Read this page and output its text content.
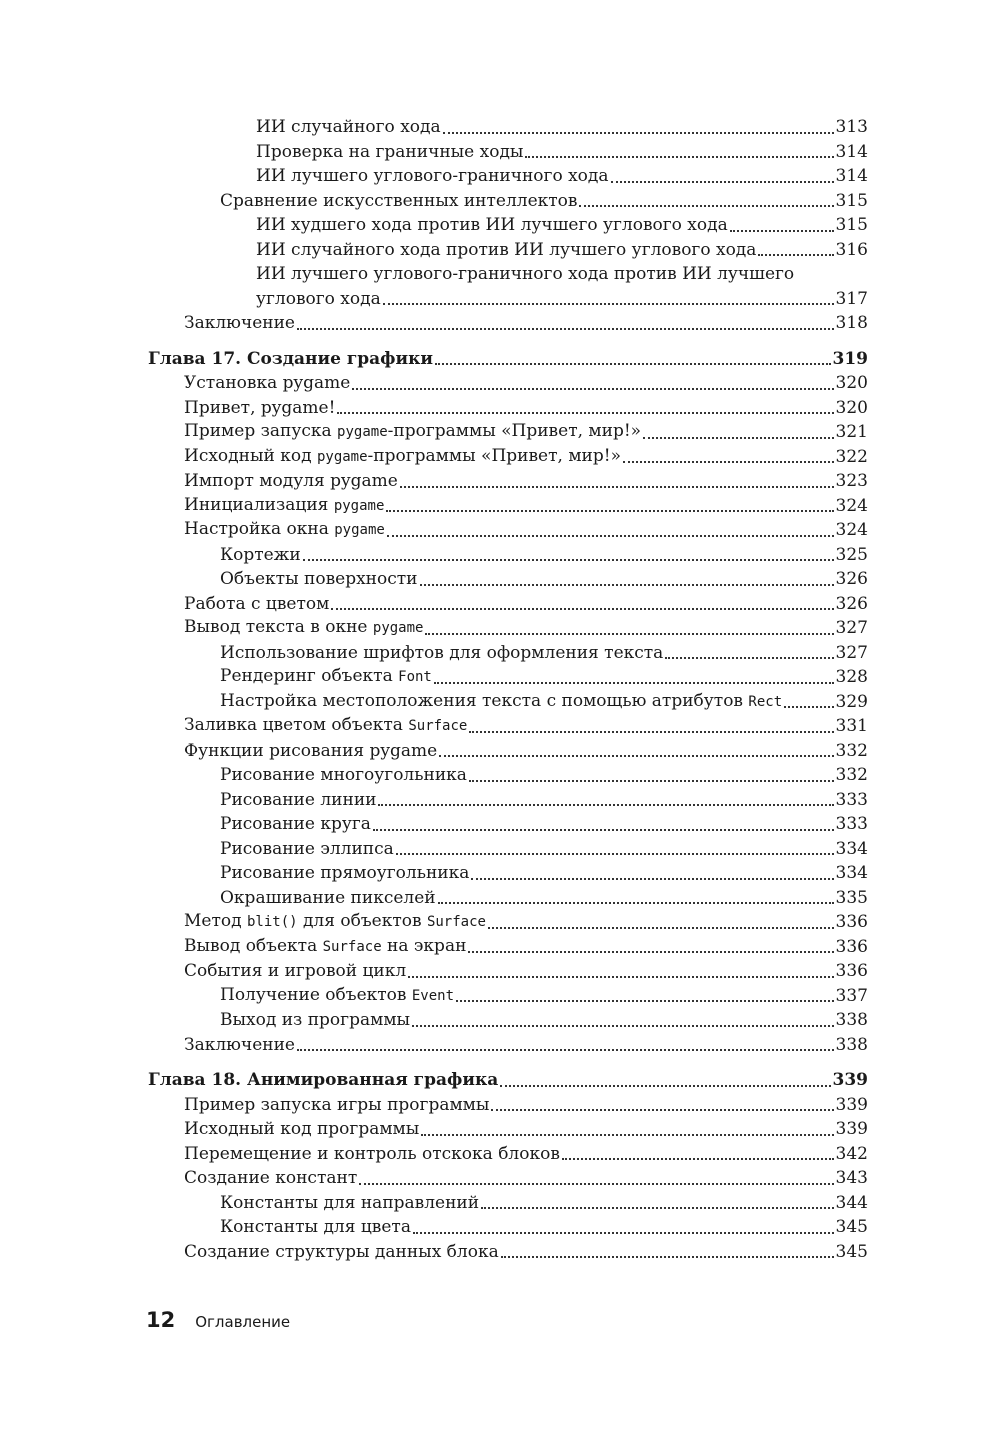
ИИ случайного хода	313
Проверка на граничные ходы	314
ИИ лучшего углового-граничного хода	314
Сравнение искусственных интеллектов	315
ИИ худшего хода против ИИ лучшего углового хода	315
ИИ случайного хода против ИИ лучшего углового хода	316
ИИ лучшего углового-граничного хода против ИИ лучшего
углового хода	317
Заключение	318
Глава 17. Создание графики	319
Установка pygame	320
Привет, pygame!	320
Пример запуска pygame-программы «Привет, мир!»	321
Исходный код pygame-программы «Привет, мир!»	322
Импорт модуля pygame	323
Инициализация pygame	324
Настройка окна pygame	324
Кортежи	325
Объекты поверхности	326
Работа с цветом	326
Вывод текста в окне pygame	327
Использование шрифтов для оформления текста	327
Рендеринг объекта Font	328
Настройка местоположения текста с помощью атрибутов Rect	329
Заливка цветом объекта Surface	331
Функции рисования pygame	332
Рисование многоугольника	332
Рисование линии	333
Рисование круга	333
Рисование эллипса	334
Рисование прямоугольника	334
Окрашивание пикселей	335
Метод blit() для объектов Surface	336
Вывод объекта Surface на экран	336
События и игровой цикл	336
Получение объектов Event	337
Выход из программы	338
Заключение	338
Глава 18. Анимированная графика	339
Пример запуска игры программы	339
Исходный код программы	339
Перемещение и контроль отскока блоков	342
Создание констант	343
Константы для направлений	344
Константы для цвета	345
Создание структуры данных блока	345
12 Оглавление
